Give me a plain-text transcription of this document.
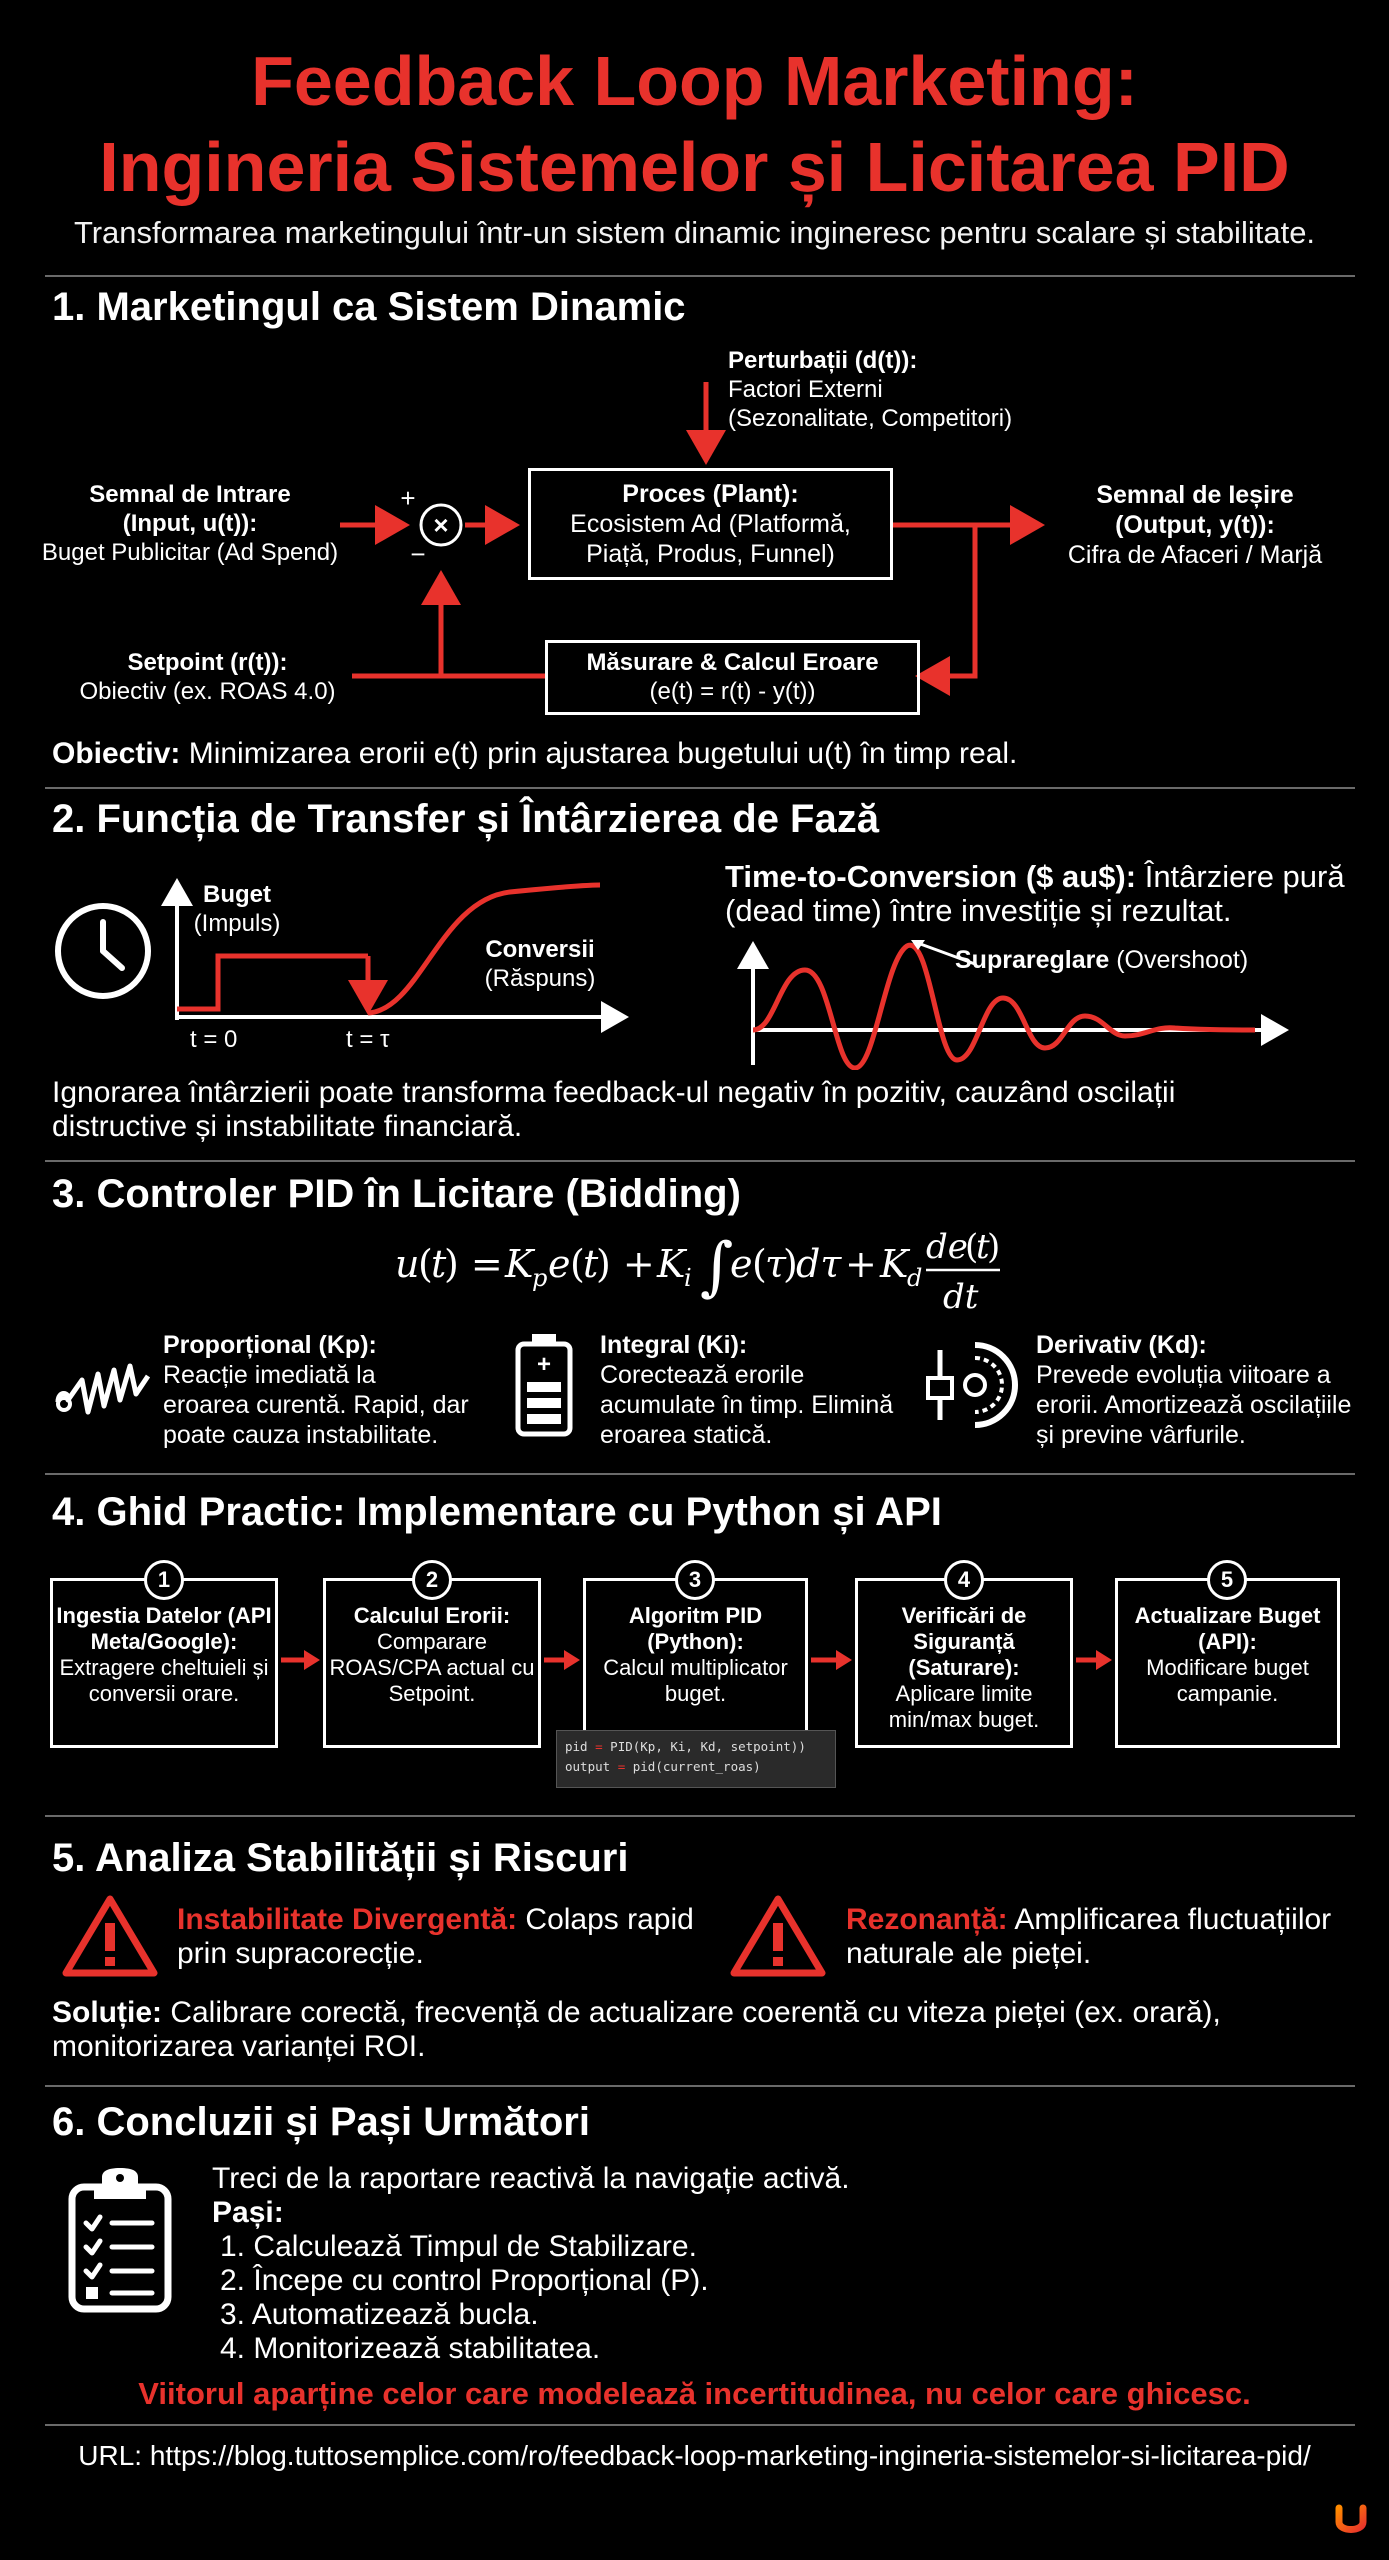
Feedback Loop Marketing:
Ingineria Sistemelor și Licitarea PID
Transformarea marketingului într-un sistem dinamic ingineresc pentru scalare și stabilitate.
1. Marketingul ca Sistem Dinamic
×
+
−
Perturbații (d(t)):
Factori Externi
(Sezonalitate, Competitori)
Semnal de Intrare
(Input, u(t)):
Buget Publicitar (Ad Spend)
Proces (Plant):
Ecosistem Ad (Platformă,
Piață, Produs, Funnel)
Semnal de Ieșire
(Output, y(t)):
Cifra de Afaceri / Marjă
Setpoint (r(t)):
Obiectiv (ex. ROAS 4.0)
Măsurare & Calcul Eroare
(e(t) = r(t) - y(t))
Obiectiv: Minimizarea erorii e(t) prin ajustarea bugetului u(t) în timp real.
2. Funcția de Transfer și Întârzierea de Fază
Buget
(Impuls)
Conversii
(Răspuns)
t = 0	t = τ
Time-to-Conversion ($ au$): Întârziere pură
(dead time) între investiție și rezultat.
Suprareglare (Overshoot)
Ignorarea întârzierii poate transforma feedback-ul negativ în pozitiv, cauzând oscilații
distructive și instabilitate financiară.
3. Controler PID în Licitare (Bidding)
u
(
t
) = K
p e (
t
) + K
i ∫
e (
τ
)
dτ + K
d
de
(
t
)
dt
+
Proporțional (Kp):
Reacție imediată la
eroarea curentă. Rapid, dar
poate cauza instabilitate.
Integral (Ki):
Corectează erorile
acumulate în timp. Elimină
eroarea statică.
Derivativ (Kd):
Prevede evoluția viitoare a
erorii. Amortizează oscilațiile
și previne vârfurile.
4. Ghid Practic: Implementare cu Python și API
Ingestia Datelor (API Meta/Google):
Extragere cheltuieli și conversii orare.
Calculul Erorii:
Comparare ROAS/CPA actual cu Setpoint.
Algoritm PID (Python):
Calcul multiplicator buget.
Verificări de Siguranță (Saturare):
Aplicare limite min/max buget.
Actualizare Buget (API):
Modificare buget campanie.
1	2	3	4	5
pid = PID(Kp, Ki, Kd, setpoint))
output = pid(current_roas)
5. Analiza Stabilității și Riscuri
Instabilitate Divergentă: Colaps rapid
prin supracorecție.
Rezonanță: Amplificarea fluctuațiilor
naturale ale pieței.
Soluție: Calibrare corectă, frecvență de actualizare coerentă cu viteza pieței (ex. orară),
monitorizarea varianței ROI.
6. Concluzii și Pași Următori
Treci de la raportare reactivă la navigație activă.
Pași:
1. Calculează Timpul de Stabilizare.
2. Începe cu control Proporțional (P).
3. Automatizează bucla.
4. Monitorizează stabilitatea.
Viitorul aparține celor care modelează incertitudinea, nu celor care ghicesc.
URL: https://blog.tuttosemplice.com/ro/feedback-loop-marketing-ingineria-sistemelor-si-licitarea-pid/
